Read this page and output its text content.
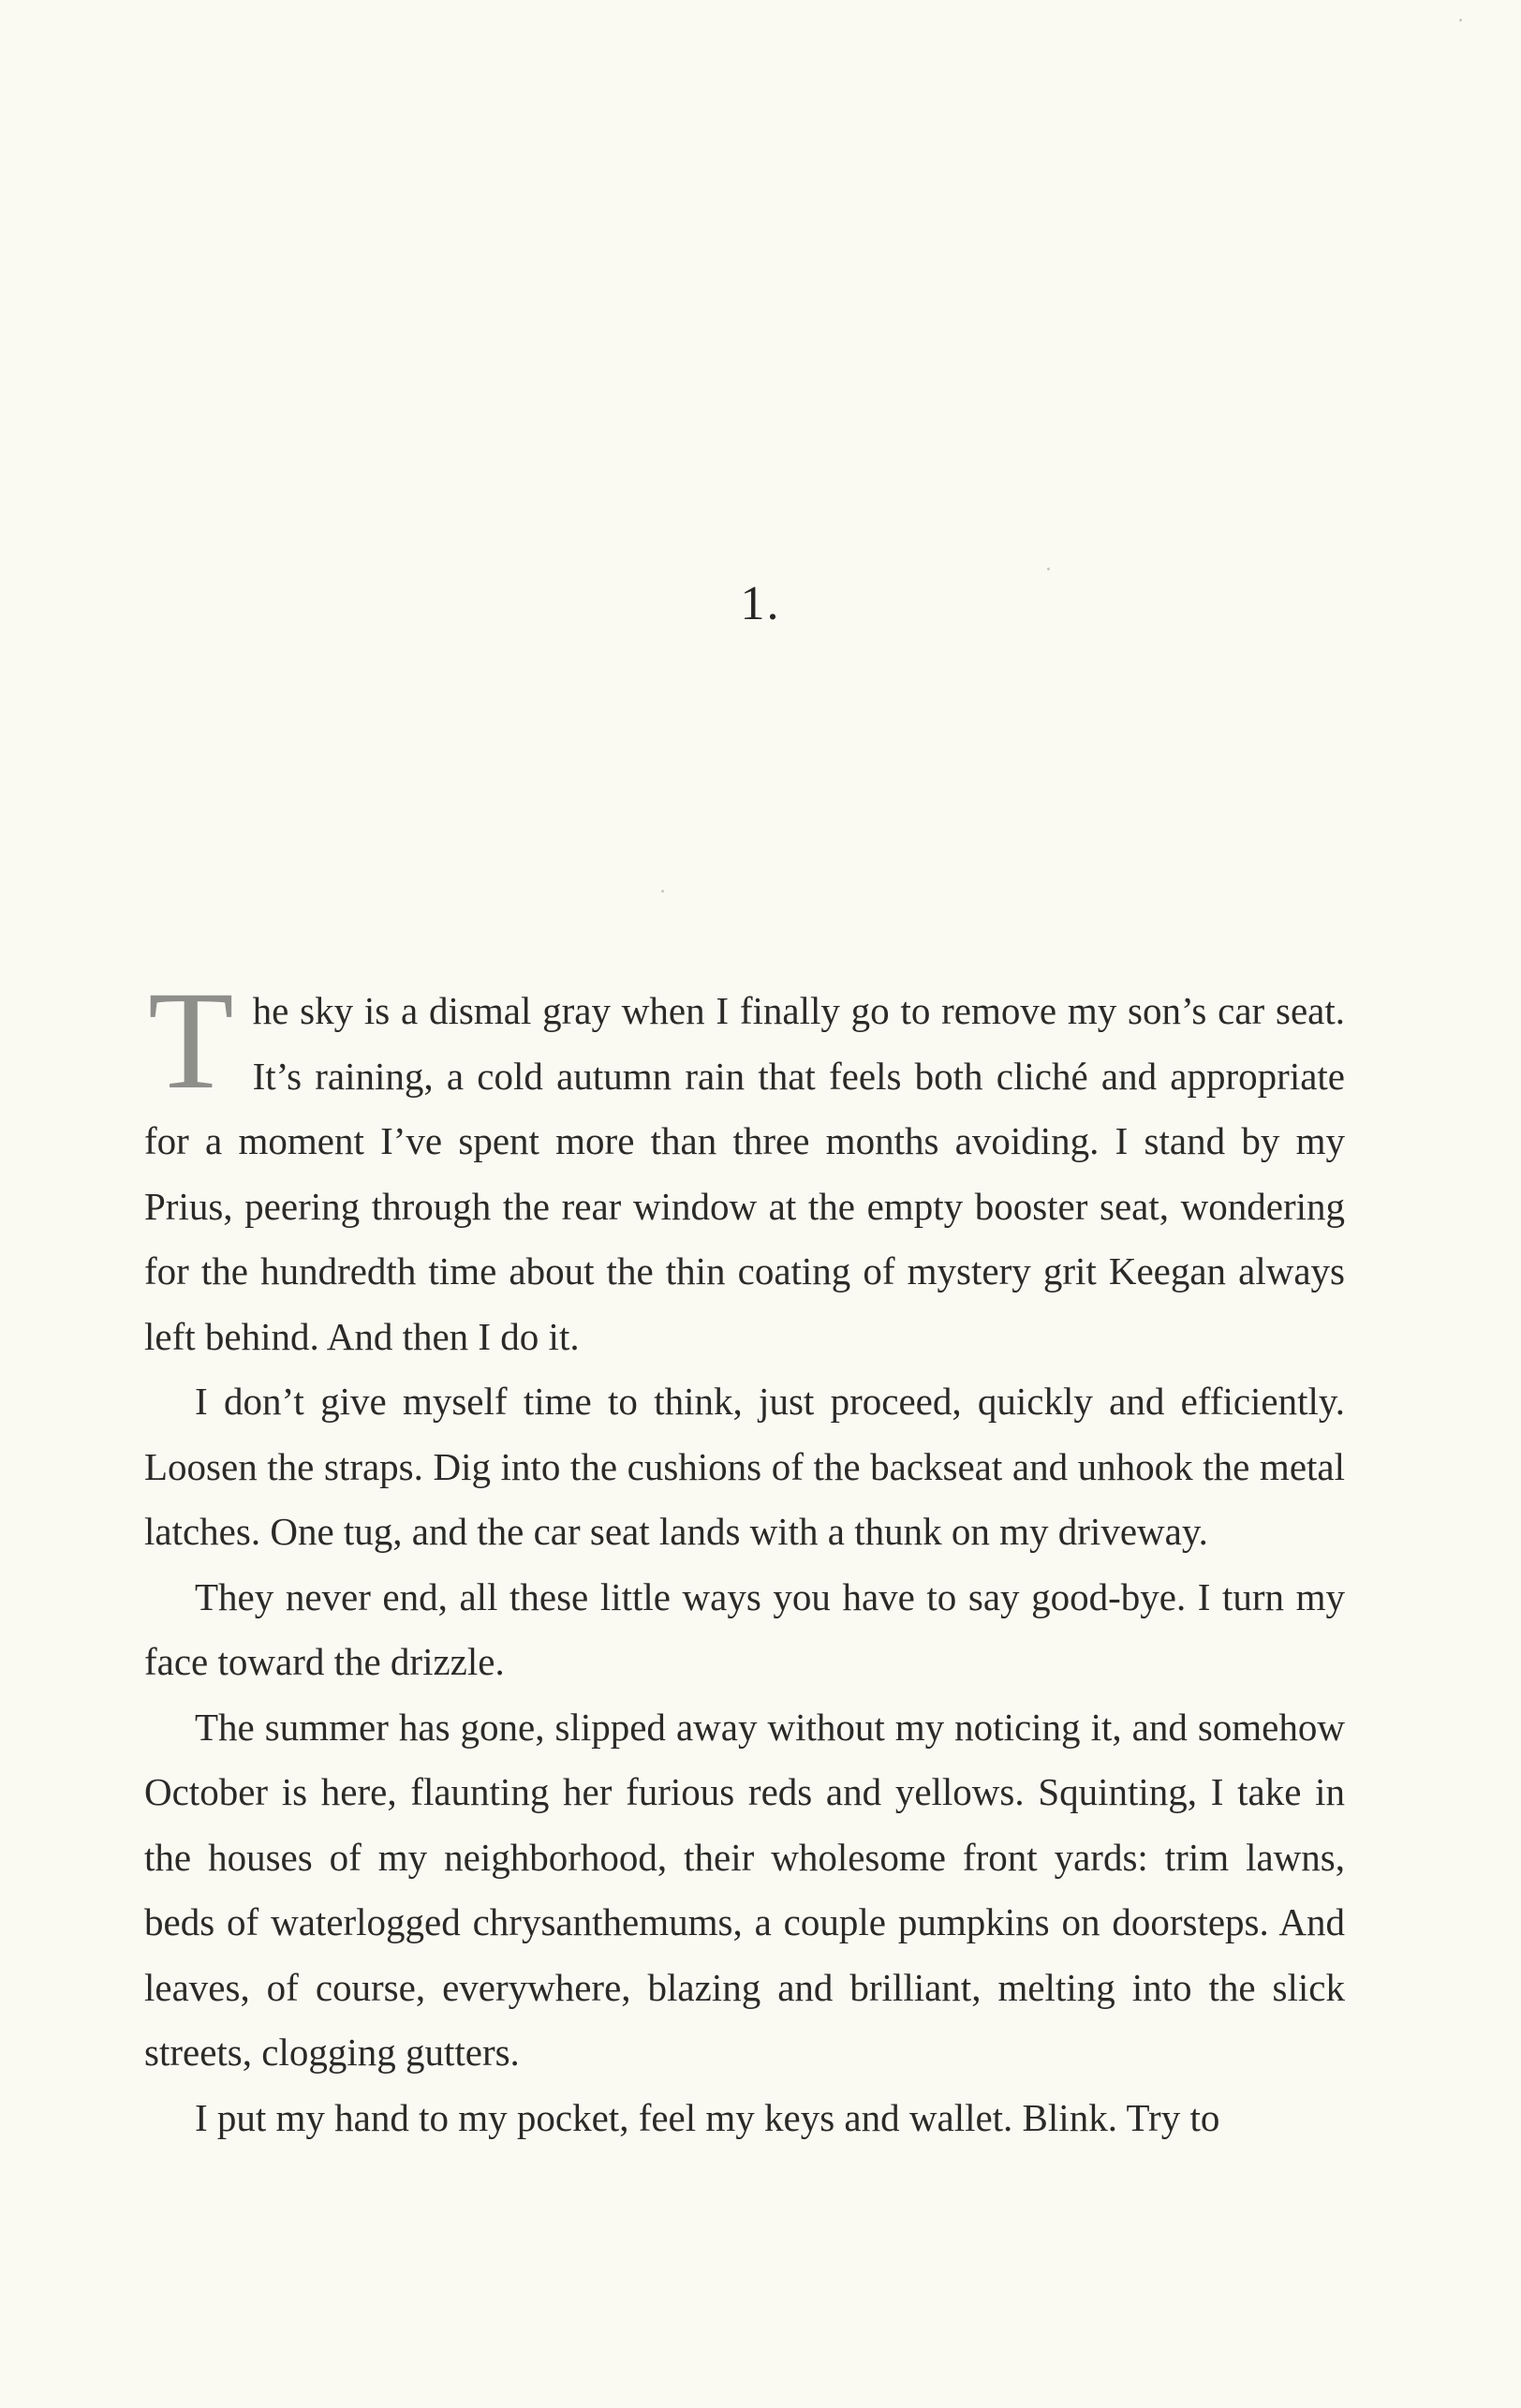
1.

The sky is a dismal gray when I finally go to remove my son’s car seat. It’s raining, a cold autumn rain that feels both cliché and appropriate for a moment I’ve spent more than three months avoiding. I stand by my Prius, peering through the rear window at the empty booster seat, wondering for the hundredth time about the thin coating of mystery grit Keegan always left behind. And then I do it.

I don’t give myself time to think, just proceed, quickly and efficiently. Loosen the straps. Dig into the cushions of the backseat and unhook the metal latches. One tug, and the car seat lands with a thunk on my driveway.

They never end, all these little ways you have to say good-bye. I turn my face toward the drizzle.

The summer has gone, slipped away without my noticing it, and somehow October is here, flaunting her furious reds and yellows. Squinting, I take in the houses of my neighborhood, their wholesome front yards: trim lawns, beds of waterlogged chrysanthemums, a couple pumpkins on doorsteps. And leaves, of course, everywhere, blazing and brilliant, melting into the slick streets, clogging gutters.

I put my hand to my pocket, feel my keys and wallet. Blink. Try to
